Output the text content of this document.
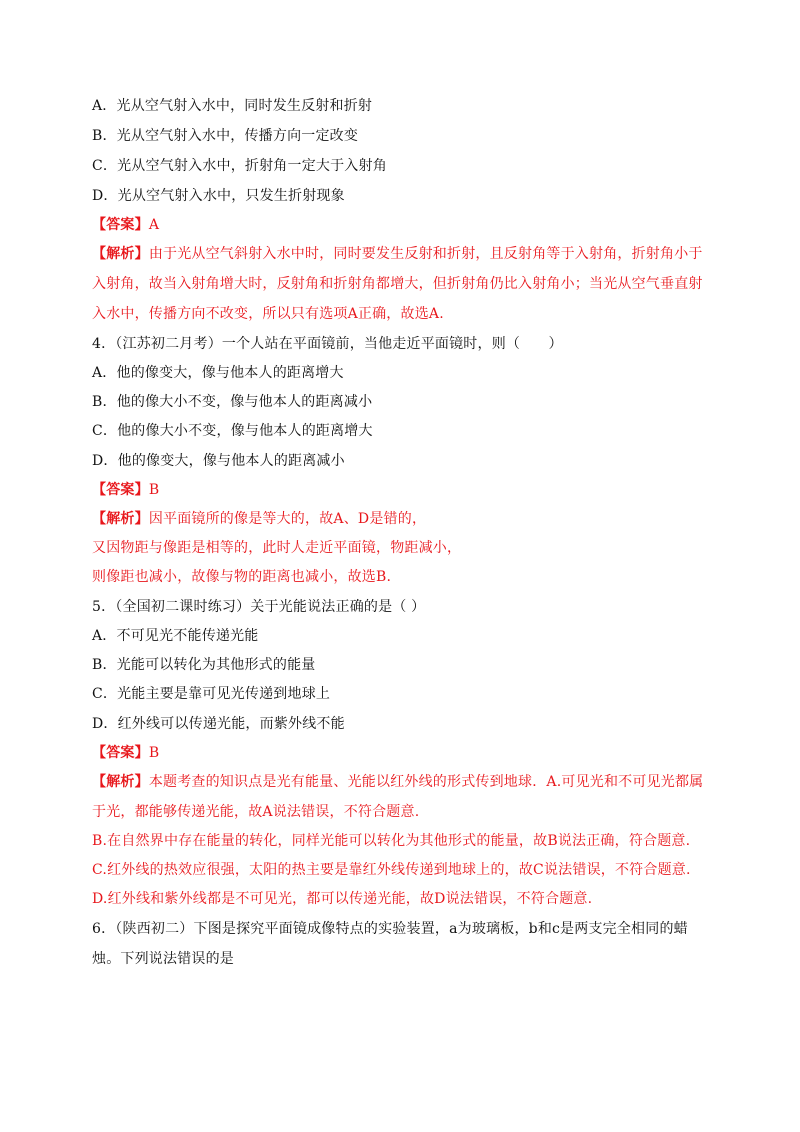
A．光从空气射入水中，同时发生反射和折射
B．光从空气射入水中，传播方向一定改变
C．光从空气射入水中，折射角一定大于入射角
D．光从空气射入水中，只发生折射现象
【答案】A
【解析】由于光从空气斜射入水中时，同时要发生反射和折射，且反射角等于入射角，折射角小于
入射角，故当入射角增大时，反射角和折射角都增大，但折射角仍比入射角小；当光从空气垂直射
入水中，传播方向不改变，所以只有选项A正确，故选A.
4．（江苏初二月考）一个人站在平面镜前，当他走近平面镜时，则（　　）
A．他的像变大，像与他本人的距离增大
B．他的像大小不变，像与他本人的距离减小
C．他的像大小不变，像与他本人的距离增大
D．他的像变大，像与他本人的距离减小
【答案】B
【解析】因平面镜所的像是等大的，故A、D是错的，
又因物距与像距是相等的，此时人走近平面镜，物距减小，
则像距也减小，故像与物的距离也减小，故选B.
5．（全国初二课时练习）关于光能说法正确的是（ ）
A．不可见光不能传递光能
B．光能可以转化为其他形式的能量
C．光能主要是靠可见光传递到地球上
D．红外线可以传递光能，而紫外线不能
【答案】B
【解析】本题考查的知识点是光有能量、光能以红外线的形式传到地球．A.可见光和不可见光都属
于光，都能够传递光能，故A说法错误，不符合题意.
B.在自然界中存在能量的转化，同样光能可以转化为其他形式的能量，故B说法正确，符合题意.
C.红外线的热效应很强，太阳的热主要是靠红外线传递到地球上的，故C说法错误，不符合题意.
D.红外线和紫外线都是不可见光，都可以传递光能，故D说法错误，不符合题意.
6．（陕西初二）下图是探究平面镜成像特点的实验装置，a为玻璃板，b和c是两支完全相同的蜡
烛。下列说法错误的是
